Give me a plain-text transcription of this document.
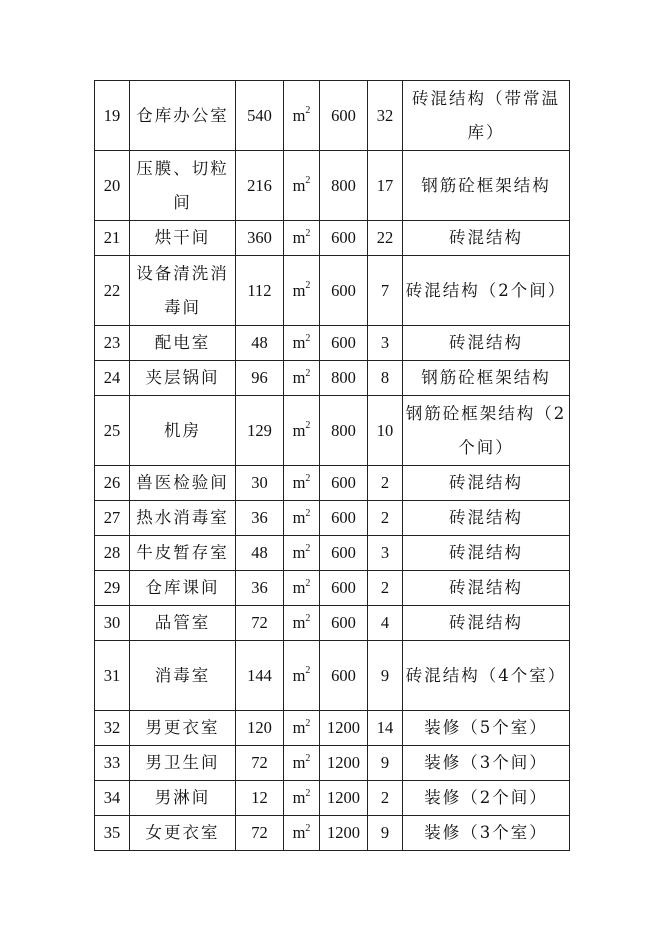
19	仓库办公室	540	$m^2$	600	32	砖混结构（带常温库）
20	压膜、切粒间	216	$m^2$	800	17	钢筋砼框架结构
21	烘干间	360	$m^2$	600	22	砖混结构
22	设备清洗消毒间	112	$m^2$	600	7	砖混结构（2个间）
23	配电室	48	$m^2$	600	3	砖混结构
24	夹层锅间	96	$m^2$	800	8	钢筋砼框架结构
25	机房	129	$m^2$	800	10	钢筋砼框架结构（2个间）
26	兽医检验间	30	$m^2$	600	2	砖混结构
27	热水消毒室	36	$m^2$	600	2	砖混结构
28	牛皮暂存室	48	$m^2$	600	3	砖混结构
29	仓库课间	36	$m^2$	600	2	砖混结构
30	品管室	72	$m^2$	600	4	砖混结构
31	消毒室	144	$m^2$	600	9	砖混结构（4个室）
32	男更衣室	120	$m^2$	1200	14	装修（5个室）
33	男卫生间	72	$m^2$	1200	9	装修（3个间）
34	男淋间	12	$m^2$	1200	2	装修（2个间）
35	女更衣室	72	$m^2$	1200	9	装修（3个室）
